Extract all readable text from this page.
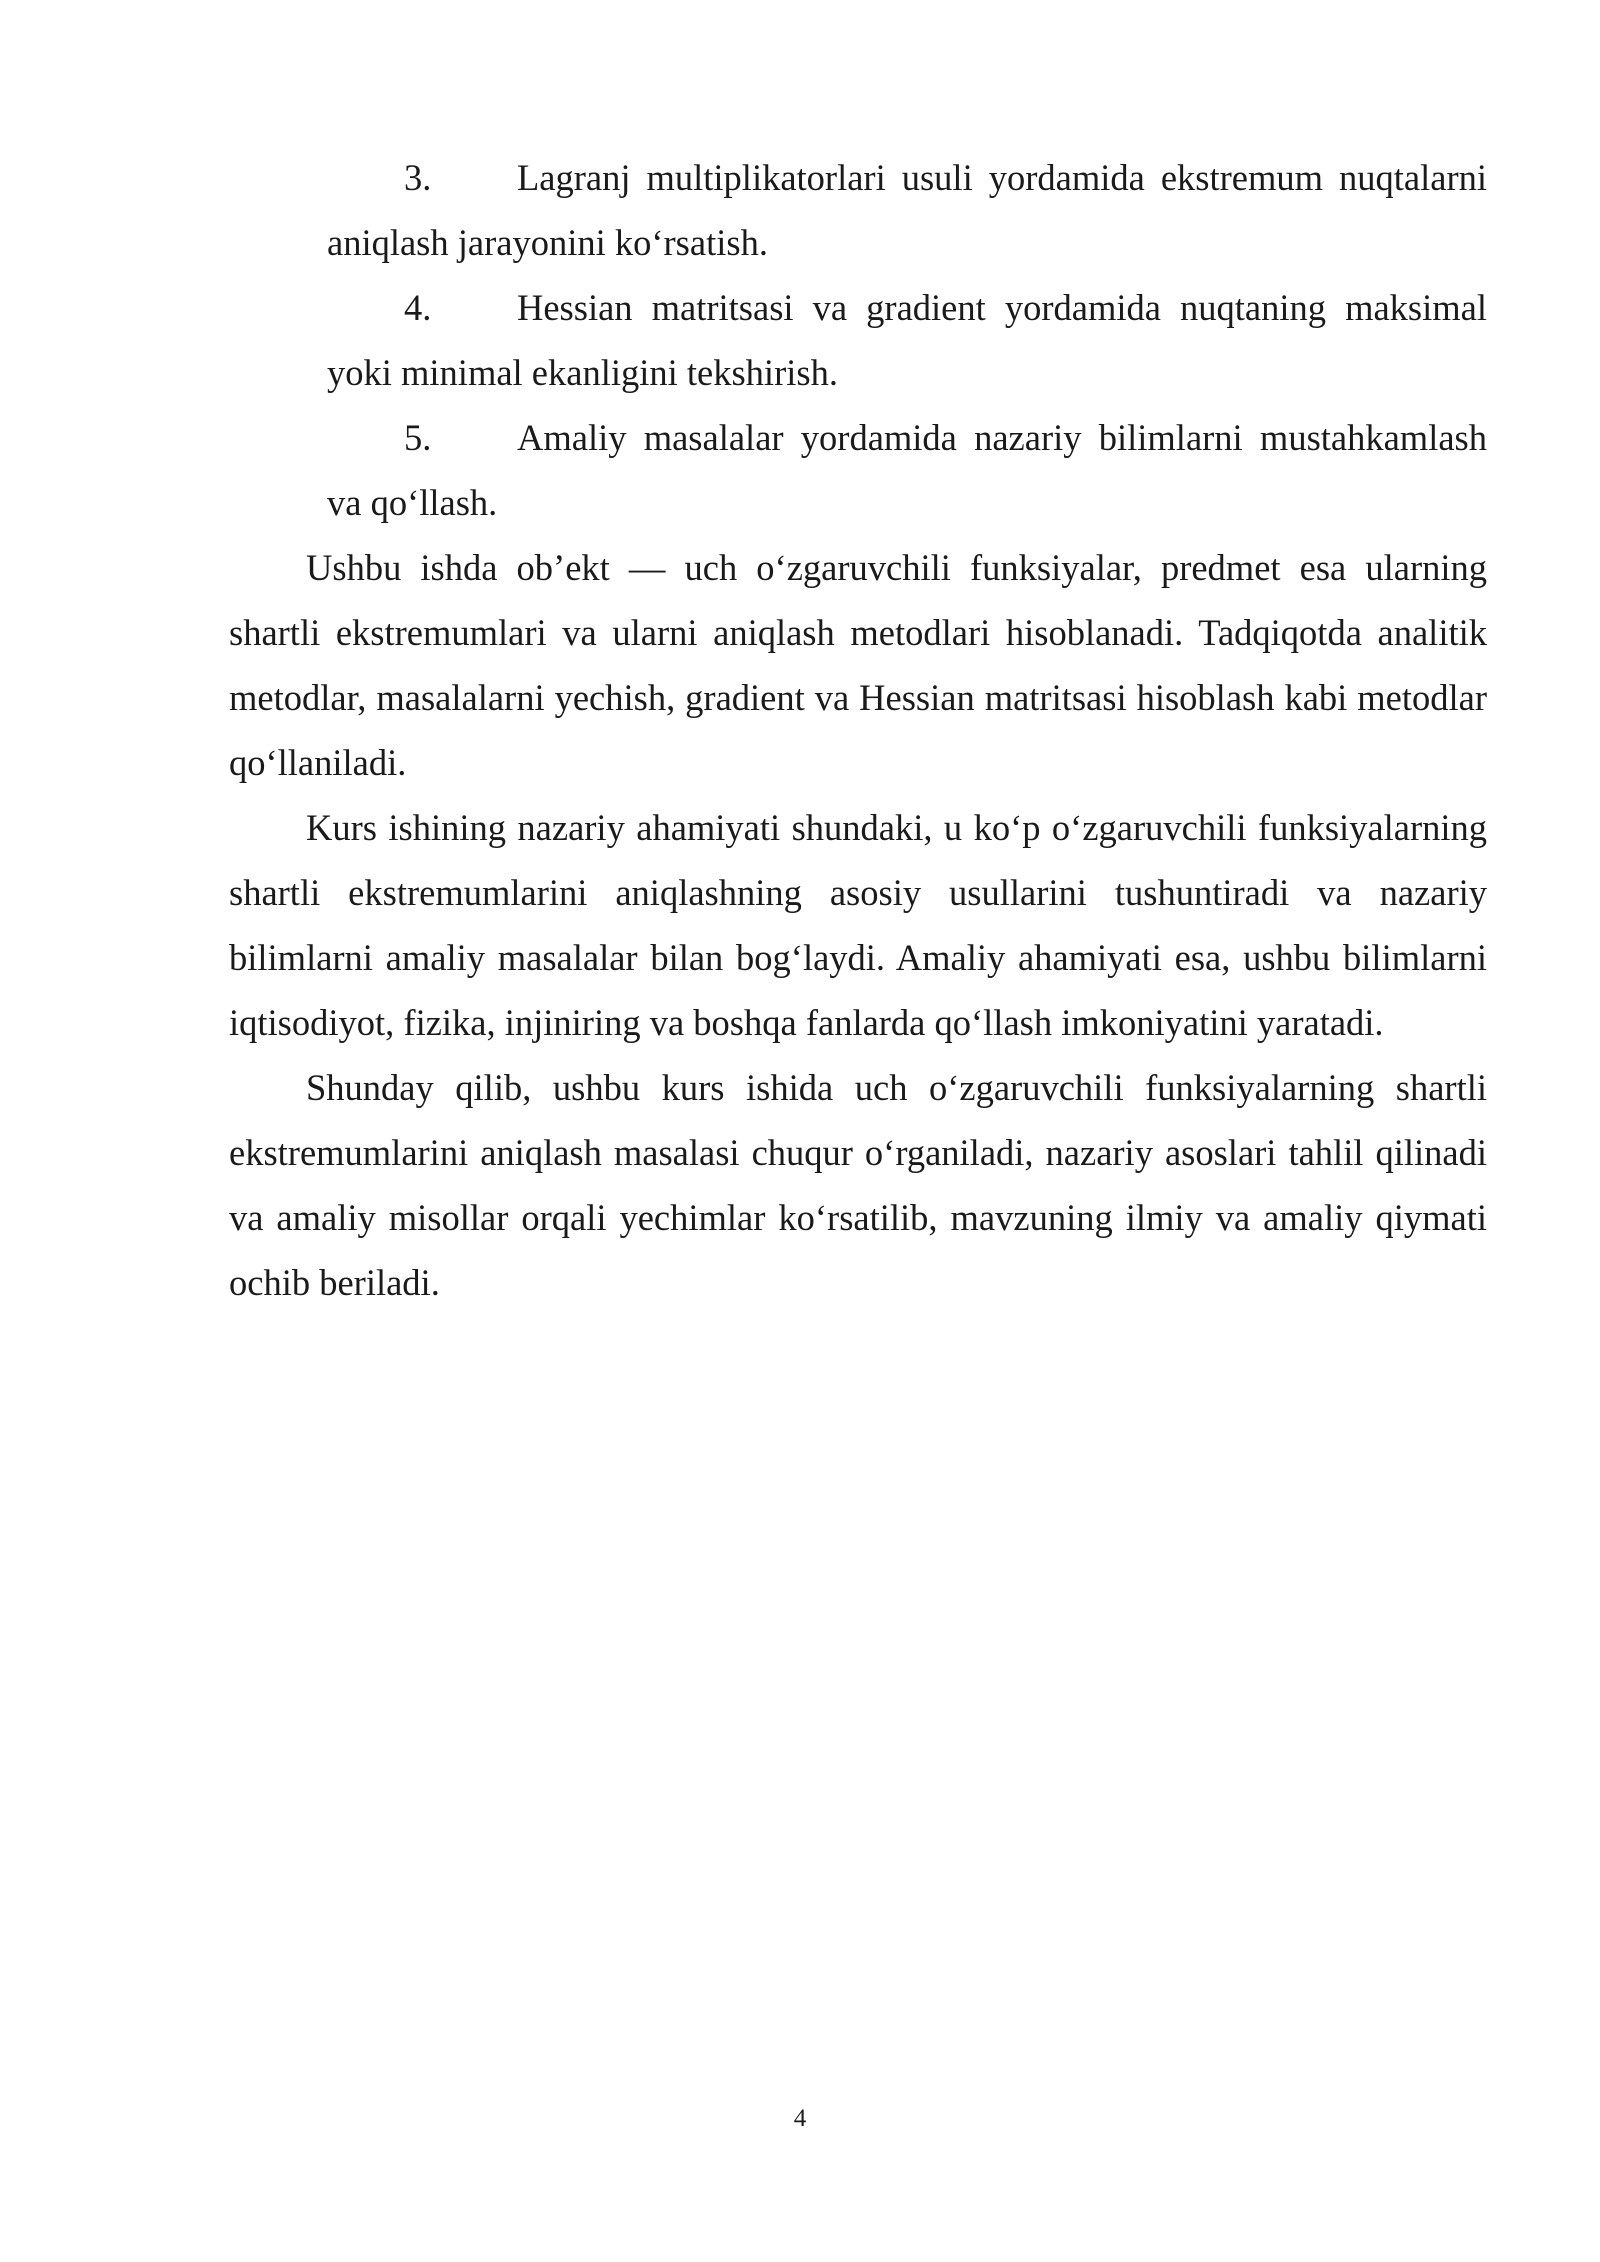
3. Lagranj multiplikatorlari usuli yordamida ekstremum nuqtalarni
aniqlash jarayonini ko‘rsatish.
4. Hessian matritsasi va gradient yordamida nuqtaning maksimal
yoki minimal ekanligini tekshirish.
5. Amaliy masalalar yordamida nazariy bilimlarni mustahkamlash
va qo‘llash.

Ushbu ishda ob’ekt — uch o‘zgaruvchili funksiyalar, predmet esa ularning shartli ekstremumlari va ularni aniqlash metodlari hisoblanadi. Tadqiqotda analitik metodlar, masalalarni yechish, gradient va Hessian matritsasi hisoblash kabi metodlar qo‘llaniladi.

Kurs ishining nazariy ahamiyati shundaki, u ko‘p o‘zgaruvchili funksiyalarning shartli ekstremumlarini aniqlashning asosiy usullarini tushuntiradi va nazariy bilimlarni amaliy masalalar bilan bog‘laydi. Amaliy ahamiyati esa, ushbu bilimlarni iqtisodiyot, fizika, injiniring va boshqa fanlarda qo‘llash imkoniyatini yaratadi.

Shunday qilib, ushbu kurs ishida uch o‘zgaruvchili funksiyalarning shartli ekstremumlarini aniqlash masalasi chuqur o‘rganiladi, nazariy asoslari tahlil qilinadi va amaliy misollar orqali yechimlar ko‘rsatilib, mavzuning ilmiy va amaliy qiymati ochib beriladi.

4
